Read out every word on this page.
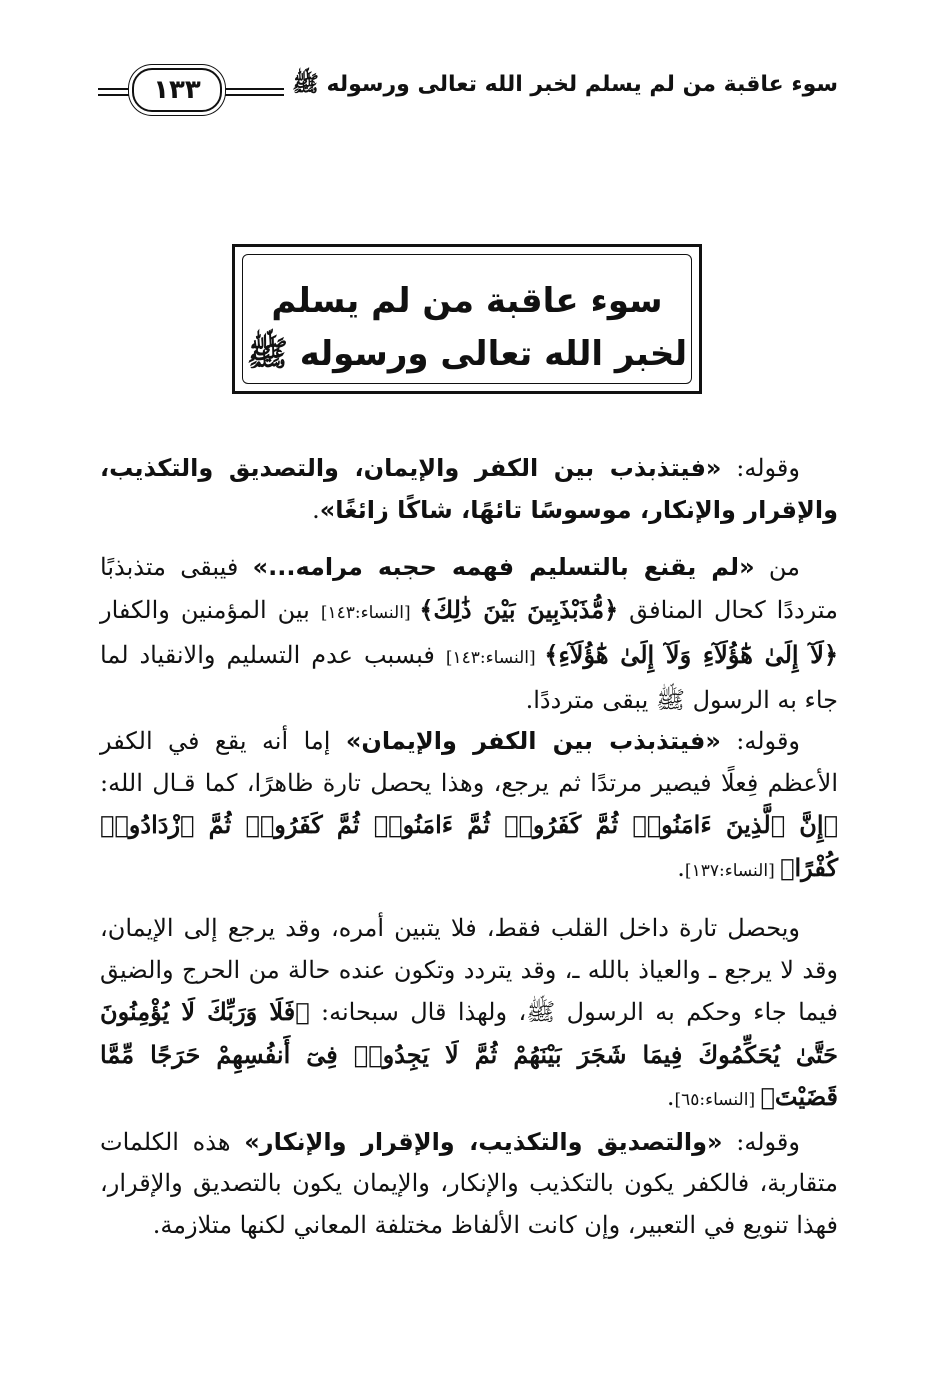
١٣٣	سوء عاقبة من لم يسلم لخبر الله تعالى ورسوله ﷺ
سوء عاقبة من لم يسلم
لخبر الله تعالى ورسوله ﷺ

وقوله: «فيتذبذب بين الكفر والإيمان، والتصديق والتكذيب، والإقرار والإنكار، موسوسًا تائهًا، شاكًا زائغًا».

من «لم يقنع بالتسليم فهمه حجبه مرامه...» فيبقى متذبذبًا مترددًا كحال المنافق ﴿مُّذَبْذَبِينَ بَيْنَ ذَٰلِكَ﴾ [النساء:١٤٣] بين المؤمنين والكفار ﴿لَآ إِلَىٰ هَٰٓؤُلَآءِ وَلَآ إِلَىٰ هَٰٓؤُلَآءِ﴾ [النساء:١٤٣] فبسبب عدم التسليم والانقياد لما جاء به الرسول ﷺ يبقى مترددًا.

وقوله: «فيتذبذب بين الكفر والإيمان» إما أنه يقع في الكفر الأعظم فِعلًا فيصير مرتدًا ثم يرجع، وهذا يحصل تارة ظاهرًا، كما قـال الله: ﴿إِنَّ ٱلَّذِينَ ءَامَنُوا۟ ثُمَّ كَفَرُوا۟ ثُمَّ ءَامَنُوا۟ ثُمَّ كَفَرُوا۟ ثُمَّ ٱزْدَادُوا۟ كُفْرًا﴾ [النساء:١٣٧].

ويحصل تارة داخل القلب فقط، فلا يتبين أمره، وقد يرجع إلى الإيمان، وقد لا يرجع ـ والعياذ بالله ـ، وقد يتردد وتكون عنده حالة من الحرج والضيق فيما جاء وحكم به الرسول ﷺ، ولهذا قال سبحانه: ﴿فَلَا وَرَبِّكَ لَا يُؤْمِنُونَ حَتَّىٰ يُحَكِّمُوكَ فِيمَا شَجَرَ بَيْنَهُمْ ثُمَّ لَا يَجِدُوا۟ فِىٓ أَنفُسِهِمْ حَرَجًا مِّمَّا قَضَيْتَ﴾ [النساء:٦٥].

وقوله: «والتصديق والتكذيب، والإقرار والإنكار» هذه الكلمات متقاربة، فالكفر يكون بالتكذيب والإنكار، والإيمان يكون بالتصديق والإقرار، فهذا تنويع في التعبير، وإن كانت الألفاظ مختلفة المعاني لكنها متلازمة.
